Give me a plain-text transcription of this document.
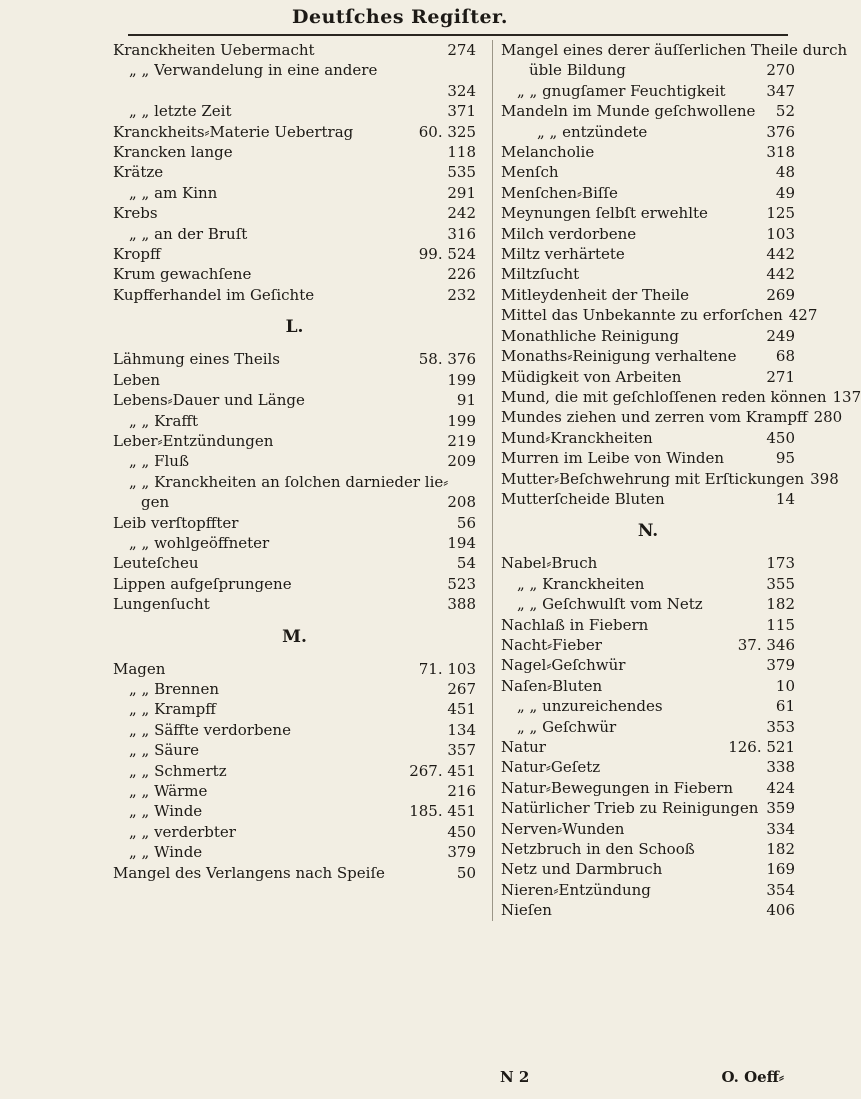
Deutſches Regiſter.
Kranckheiten Uebermacht	274
„ „ Verwandelung in eine andere
324
„ „ letzte Zeit	371
Kranckheits⸗Materie Uebertrag	60. 325
Krancken lange	118
Krätze	535
„ „ am Kinn	291
Krebs	242
„ „ an der Bruſt	316
Kropff	99. 524
Krum gewachſene	226
Kupfferhandel im Geſichte	232
L.
Lähmung eines Theils	58. 376
Leben	199
Lebens⸗Dauer und Länge	91
„ „ Krafft	199
Leber⸗Entzündungen	219
„ „ Fluß	209
„ „ Kranckheiten an ſolchen darnieder lie⸗
gen	208
Leib verſtopffter	56
„ „ wohlgeöffneter	194
Leuteſcheu	54
Lippen aufgeſprungene	523
Lungenſucht	388
M.
Magen	71. 103
„ „ Brennen	267
„ „ Krampff	451
„ „ Säffte verdorbene	134
„ „ Säure	357
„ „ Schmertz	267. 451
„ „ Wärme	216
„ „ Winde	185. 451
„ „ verderbter	450
„ „ Winde	379
Mangel des Verlangens nach Speiſe	50
Mangel eines derer äuſſerlichen Theile durch
üble Bildung	270
„ „ gnugſamer Feuchtigkeit	347
Mandeln im Munde geſchwollene	52
„ „ entzündete	376
Melancholie	318
Menſch	48
Menſchen⸗Biſſe	49
Meynungen ſelbſt erwehlte	125
Milch verdorbene	103
Miltz verhärtete	442
Miltzſucht	442
Mitleydenheit der Theile	269
Mittel das Unbekannte zu erforſchen 427
Monathliche Reinigung	249
Monaths⸗Reinigung verhaltene	68
Müdigkeit von Arbeiten	271
Mund, die mit geſchloſſenen reden können 137
Mundes ziehen und zerren vom Krampff 280
Mund⸗Kranckheiten	450
Murren im Leibe von Winden	95
Mutter⸗Beſchwehrung mit Erſtickungen 398
Mutterſcheide Bluten	14
N.
Nabel⸗Bruch	173
„ „ Kranckheiten	355
„ „ Geſchwulſt vom Netz	182
Nachlaß in Fiebern	115
Nacht⸗Fieber	37. 346
Nagel⸗Geſchwür	379
Naſen⸗Bluten	10
„ „ unzureichendes	61
„ „ Geſchwür	353
Natur	126. 521
Natur⸗Geſetz	338
Natur⸗Bewegungen in Fiebern	424
Natürlicher Trieb zu Reinigungen 359
Nerven⸗Wunden	334
Netzbruch in den Schooß	182
Netz und Darmbruch	169
Nieren⸗Entzündung	354
Nieſen	406
N 2	O. Oeff⸗
